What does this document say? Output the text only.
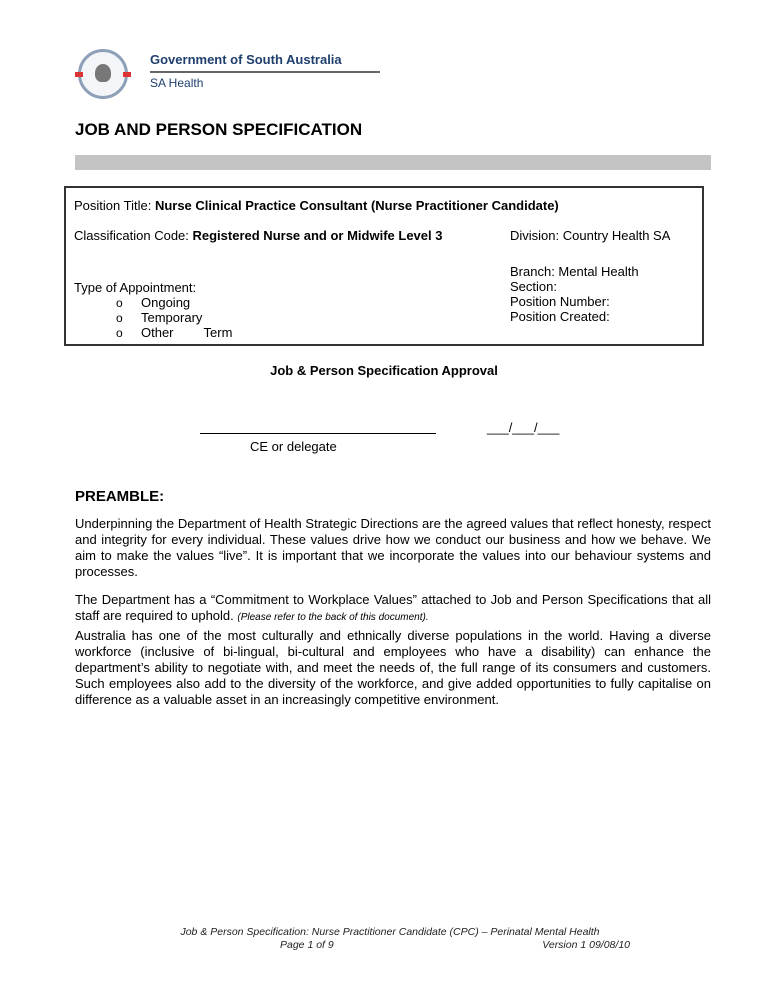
Government of South Australia
SA Health
JOB AND PERSON SPECIFICATION
Position Title: Nurse Clinical Practice Consultant (Nurse Practitioner Candidate)
Classification Code: Registered Nurse and or Midwife Level 3
Type of Appointment:
o Ongoing
o Temporary
o Other Term
Division: Country Health SA
Branch: Mental Health
Section:
Position Number:
Position Created:
Job & Person Specification Approval
CE or delegate
___/___/___
PREAMBLE:
Underpinning the Department of Health Strategic Directions are the agreed values that reflect honesty, respect and integrity for every individual. These values drive how we conduct our business and how we behave. We aim to make the values “live”. It is important that we incorporate the values into our behaviour systems and processes.
The Department has a “Commitment to Workplace Values” attached to Job and Person Specifications that all staff are required to uphold. (Please refer to the back of this document).
Australia has one of the most culturally and ethnically diverse populations in the world. Having a diverse workforce (inclusive of bi-lingual, bi-cultural and employees who have a disability) can enhance the department’s ability to negotiate with, and meet the needs of, the full range of its consumers and customers. Such employees also add to the diversity of the workforce, and give added opportunities to fully capitalise on difference as a valuable asset in an increasingly competitive environment.
Job & Person Specification: Nurse Practitioner Candidate (CPC) – Perinatal Mental Health
Page 1 of 9	Version 1 09/08/10
